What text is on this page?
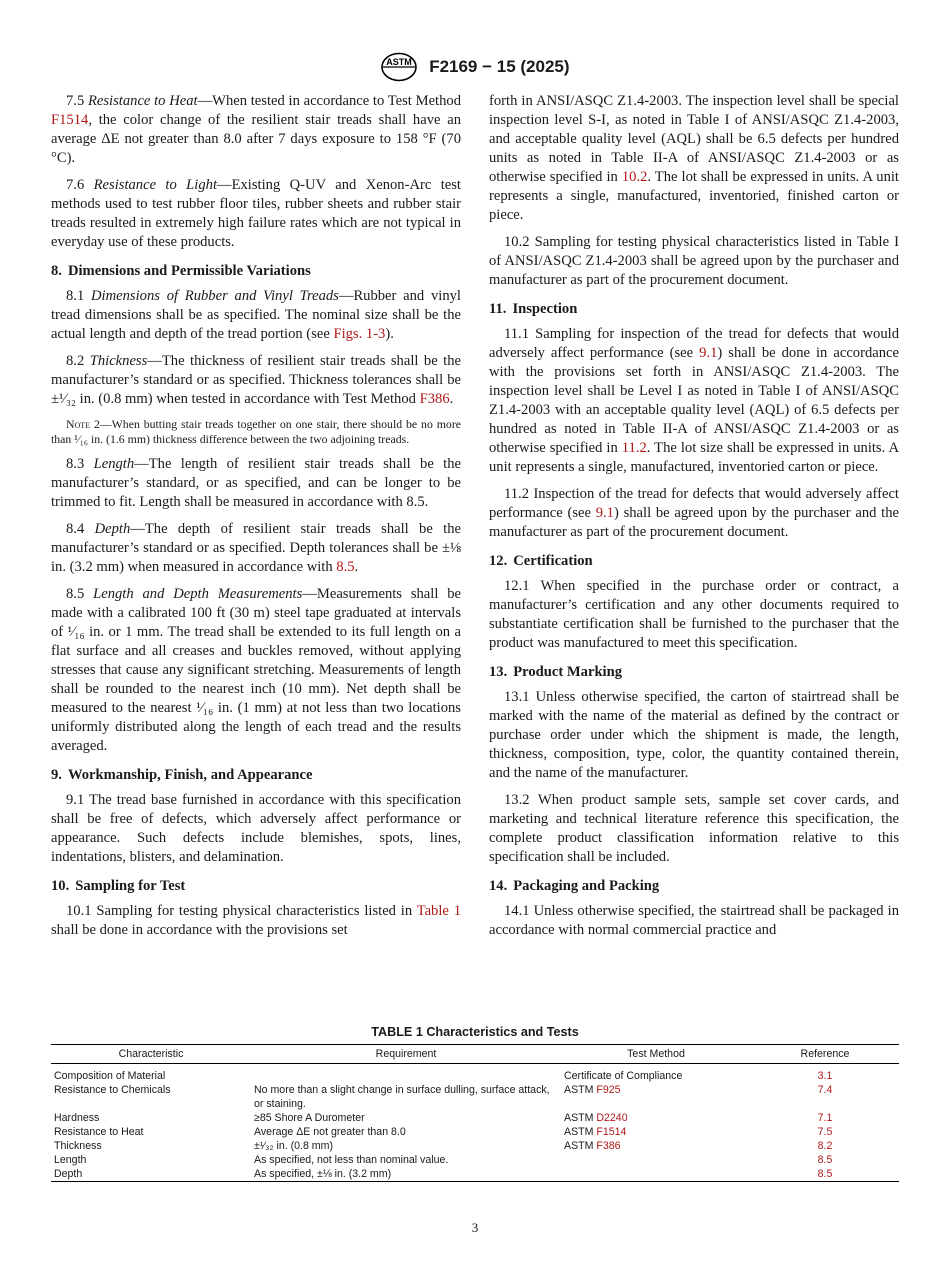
ASTM F2169 − 15 (2025)

7.5 Resistance to Heat—When tested in accordance to Test Method F1514, the color change of the resilient stair treads shall have an average ΔE not greater than 8.0 after 7 days exposure to 158 °F (70 °C).

7.6 Resistance to Light—Existing Q-UV and Xenon-Arc test methods used to test rubber floor tiles, rubber sheets and rubber stair treads resulted in extremely high failure rates which are not typical in everyday use of these products.

8. Dimensions and Permissible Variations

8.1 Dimensions of Rubber and Vinyl Treads—Rubber and vinyl tread dimensions shall be as specified. The nominal size shall be the actual length and depth of the tread portion (see Figs. 1-3).

8.2 Thickness—The thickness of resilient stair treads shall be the manufacturer’s standard or as specified. Thickness tolerances shall be ±¹⁄₃₂ in. (0.8 mm) when tested in accordance with Test Method F386.

Note 2—When butting stair treads together on one stair, there should be no more than ¹⁄₁₆ in. (1.6 mm) thickness difference between the two adjoining treads.

8.3 Length—The length of resilient stair treads shall be the manufacturer’s standard, or as specified, and can be longer to be trimmed to fit. Length shall be measured in accordance with 8.5.

8.4 Depth—The depth of resilient stair treads shall be the manufacturer’s standard or as specified. Depth tolerances shall be ±⅛ in. (3.2 mm) when measured in accordance with 8.5.

8.5 Length and Depth Measurements—Measurements shall be made with a calibrated 100 ft (30 m) steel tape graduated at intervals of ¹⁄₁₆ in. or 1 mm. The tread shall be extended to its full length on a flat surface and all creases and buckles removed, without applying stresses that cause any significant stretching. Measurements of length shall be rounded to the nearest inch (10 mm). Net depth shall be measured to the nearest ¹⁄₁₆ in. (1 mm) at not less than two locations uniformly distributed along the length of each tread and the results averaged.

9. Workmanship, Finish, and Appearance

9.1 The tread base furnished in accordance with this specification shall be free of defects, which adversely affect performance or appearance. Such defects include blemishes, spots, lines, indentations, blisters, and delamination.

10. Sampling for Test

10.1 Sampling for testing physical characteristics listed in Table 1 shall be done in accordance with the provisions set

forth in ANSI/ASQC Z1.4-2003. The inspection level shall be special inspection level S-I, as noted in Table I of ANSI/ASQC Z1.4-2003, and acceptable quality level (AQL) shall be 6.5 defects per hundred units as noted in Table II-A of ANSI/ASQC Z1.4-2003 or as otherwise specified in 10.2. The lot shall be expressed in units. A unit represents a single, manufactured, inventoried, finished carton or piece.

10.2 Sampling for testing physical characteristics listed in Table I of ANSI/ASQC Z1.4-2003 shall be agreed upon by the purchaser and manufacturer as part of the procurement document.

11. Inspection

11.1 Sampling for inspection of the tread for defects that would adversely affect performance (see 9.1) shall be done in accordance with the provisions set forth in ANSI/ASQC Z1.4-2003. The inspection level shall be Level I as noted in Table I of ANSI/ASQC Z1.4-2003 with an acceptable quality level (AQL) of 6.5 defects per hundred as noted in Table II-A of ANSI/ASQC Z1.4-2003 or as otherwise specified in 11.2. The lot size shall be expressed in units. A unit represents a single, manufactured, inventoried carton or piece.

11.2 Inspection of the tread for defects that would adversely affect performance (see 9.1) shall be agreed upon by the purchaser and the manufacturer as part of the procurement document.

12. Certification

12.1 When specified in the purchase order or contract, a manufacturer’s certification and any other documents required to substantiate certification shall be furnished to the purchaser that the product was manufactured to meet this specification.

13. Product Marking

13.1 Unless otherwise specified, the carton of stairtread shall be marked with the name of the material as defined by the contract or purchase order under which the shipment is made, the length, thickness, composition, type, color, the quantity contained therein, and the name of the manufacturer.

13.2 When product sample sets, sample set cover cards, and marketing and technical literature reference this specification, the complete product classification information relative to this specification shall be included.

14. Packaging and Packing

14.1 Unless otherwise specified, the stairtread shall be packaged in accordance with normal commercial practice and

TABLE 1 Characteristics and Tests
Characteristic	Requirement	Test Method	Reference
Composition of Material		Certificate of Compliance	3.1
Resistance to Chemicals	No more than a slight change in surface dulling, surface attack, or staining.	ASTM F925	7.4
Hardness	≥85 Shore A Durometer	ASTM D2240	7.1
Resistance to Heat	Average ΔE not greater than 8.0	ASTM F1514	7.5
Thickness	±¹⁄₃₂ in. (0.8 mm)	ASTM F386	8.2
Length	As specified, not less than nominal value.		8.5
Depth	As specified, ±⅛ in. (3.2 mm)		8.5
3
